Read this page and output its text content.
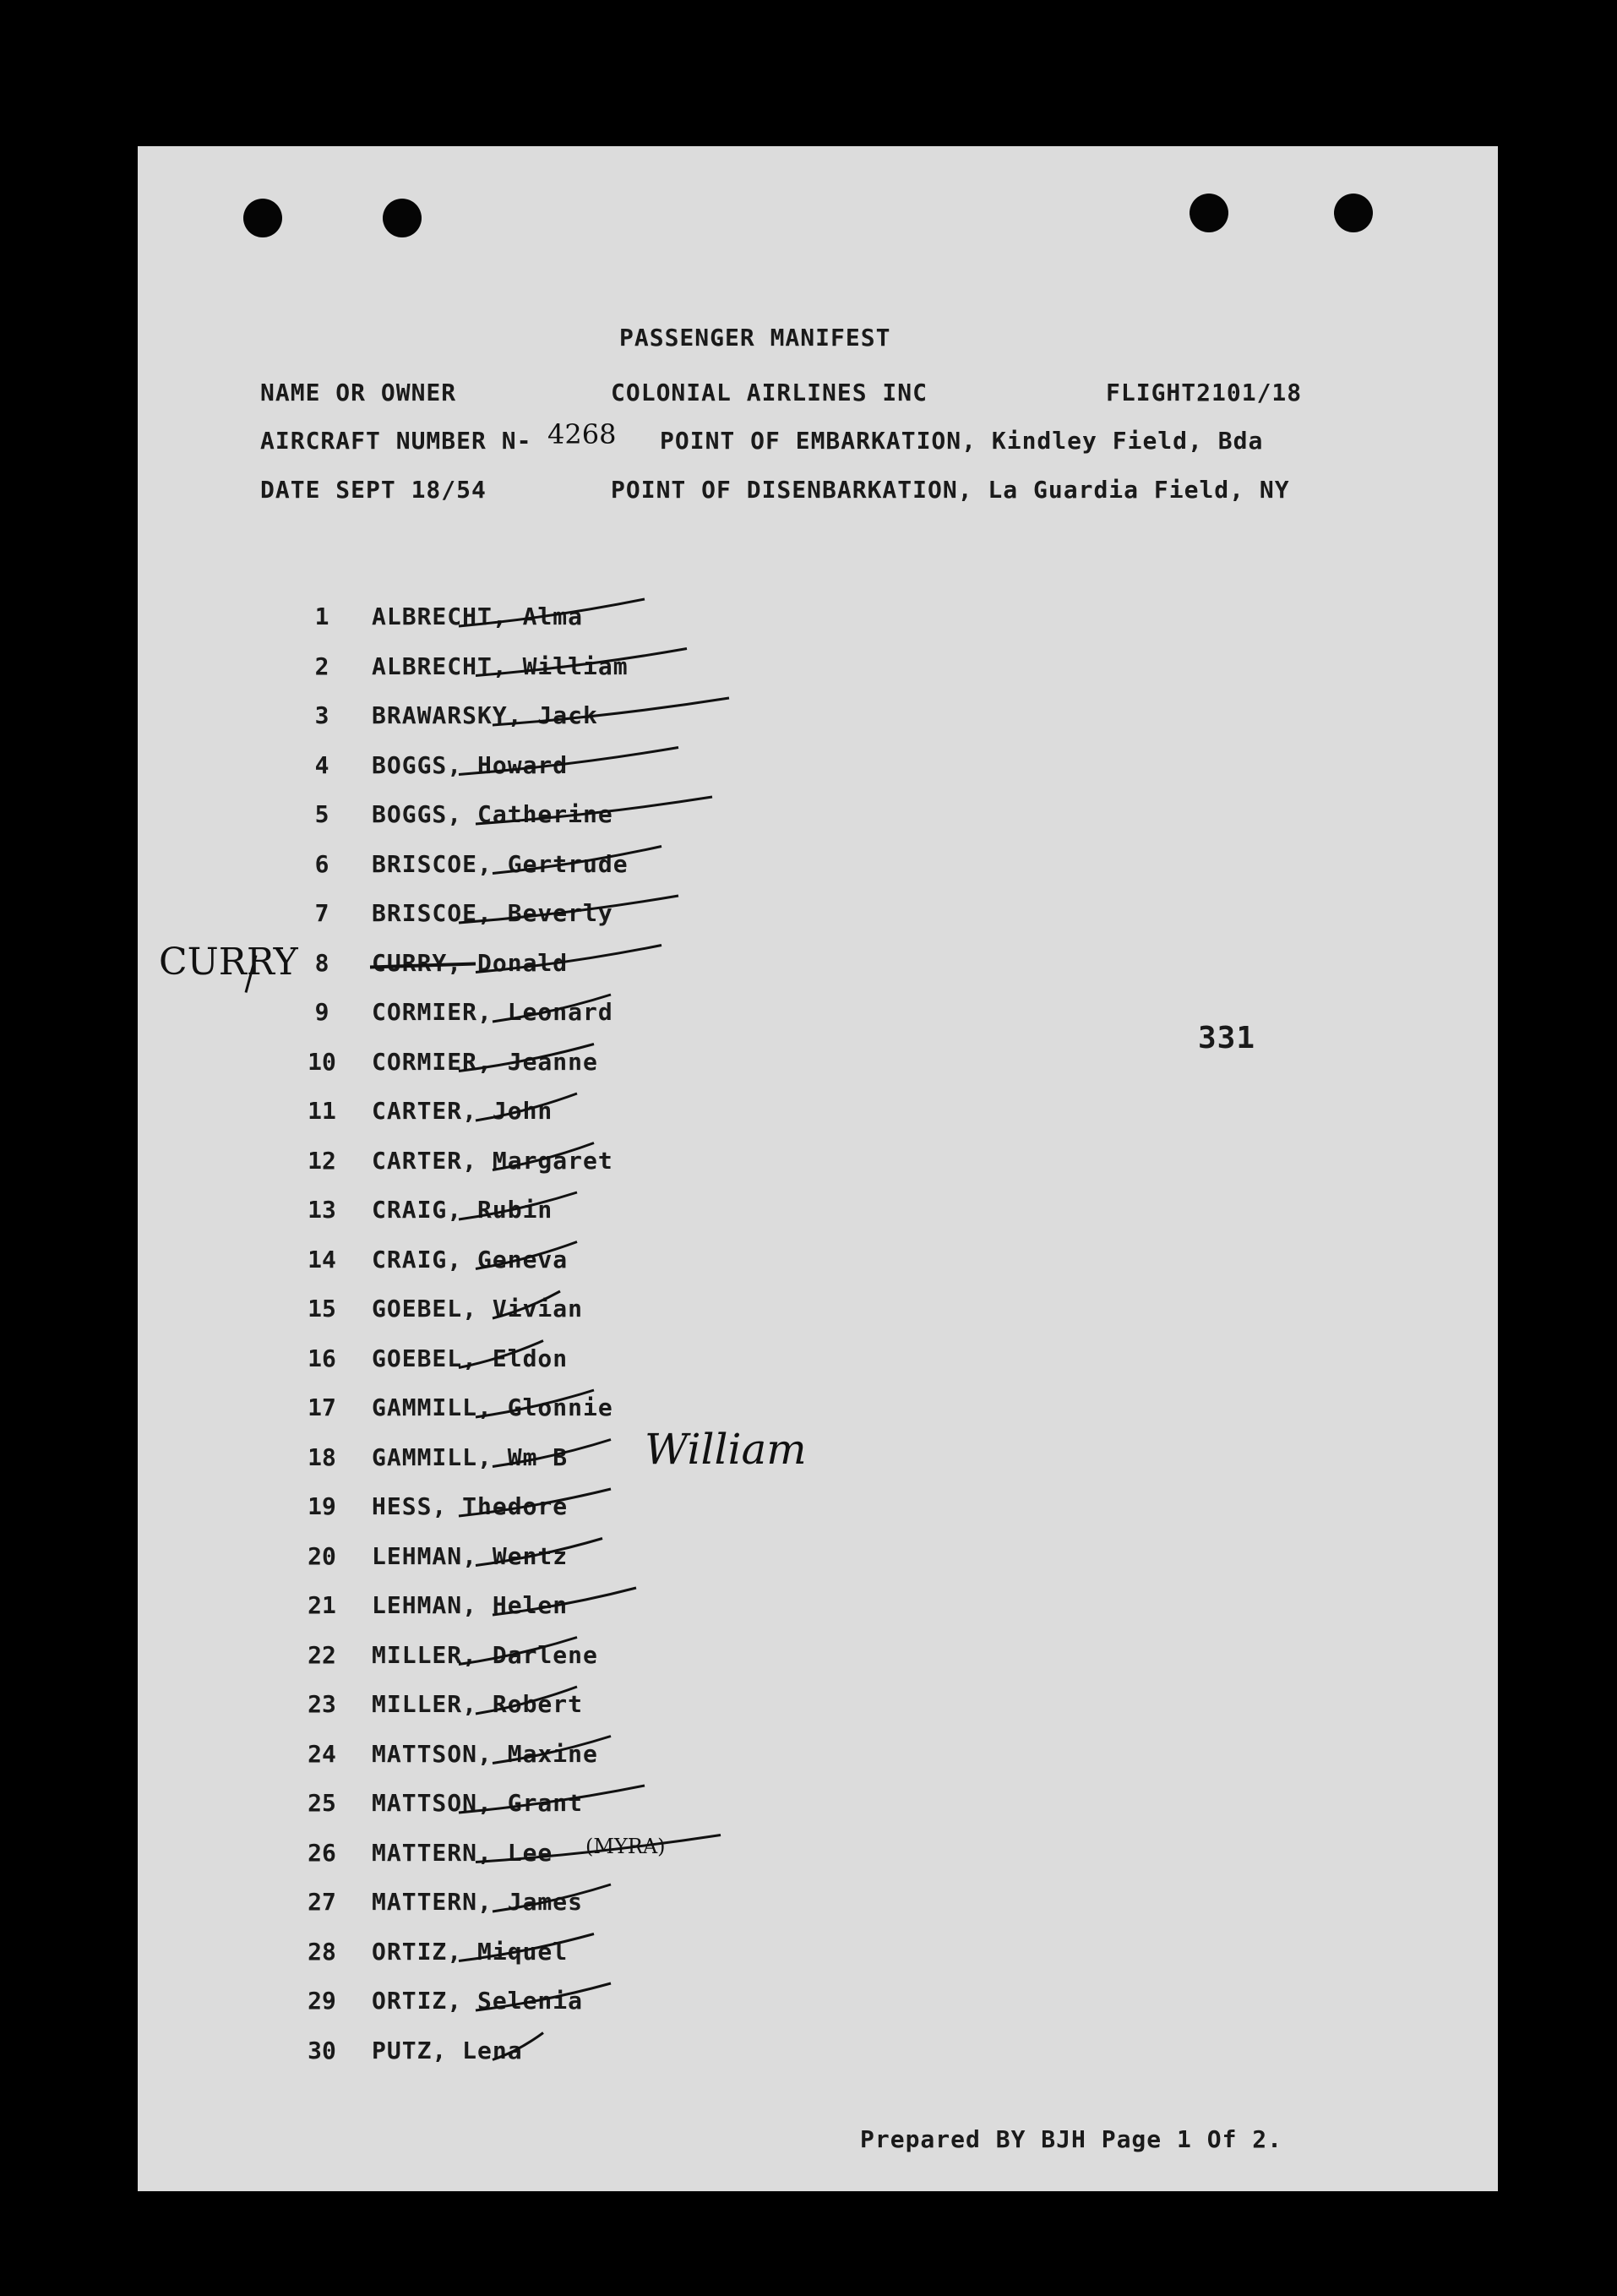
PASSENGER MANIFEST
NAME OR OWNER	COLONIAL AIRLINES INC	FLIGHT2101/18
AIRCRAFT NUMBER N- 4268 POINT OF EMBARKATION, Kindley Field, Bda
DATE SEPT 18/54	POINT OF DISENBARKATION, La Guardia Field, NY
1	ALBRECHT, Alma
2	ALBRECHT, William
3	BRAWARSKY, Jack
4	BOGGS, Howard
5	BOGGS, Catherine
6	BRISCOE, Gertrude
7	BRISCOE, Beverly
8	CURRY, Donald
9	CORMIER, Leonard
10	CORMIER, Jeanne
11	CARTER, John
12	CARTER, Margaret
13	CRAIG, Rubin
14	CRAIG, Geneva
15	GOEBEL, Vivian
16	GOEBEL, Eldon
17	GAMMILL, Glonnie
18	GAMMILL, Wm B
19	HESS, Thedore
20	LEHMAN, Wentz
21	LEHMAN, Helen
22	MILLER, Darlene
23	MILLER, Robert
24	MATTSON, Maxine
25	MATTSON, Grant
26	MATTERN, Lee
27	MATTERN, James
28	ORTIZ, Miquel
29	ORTIZ, Selenia
30	PUTZ, Lena
CURRY
William
(MYRA)
331
Prepared BY BJH Page 1 Of 2.
